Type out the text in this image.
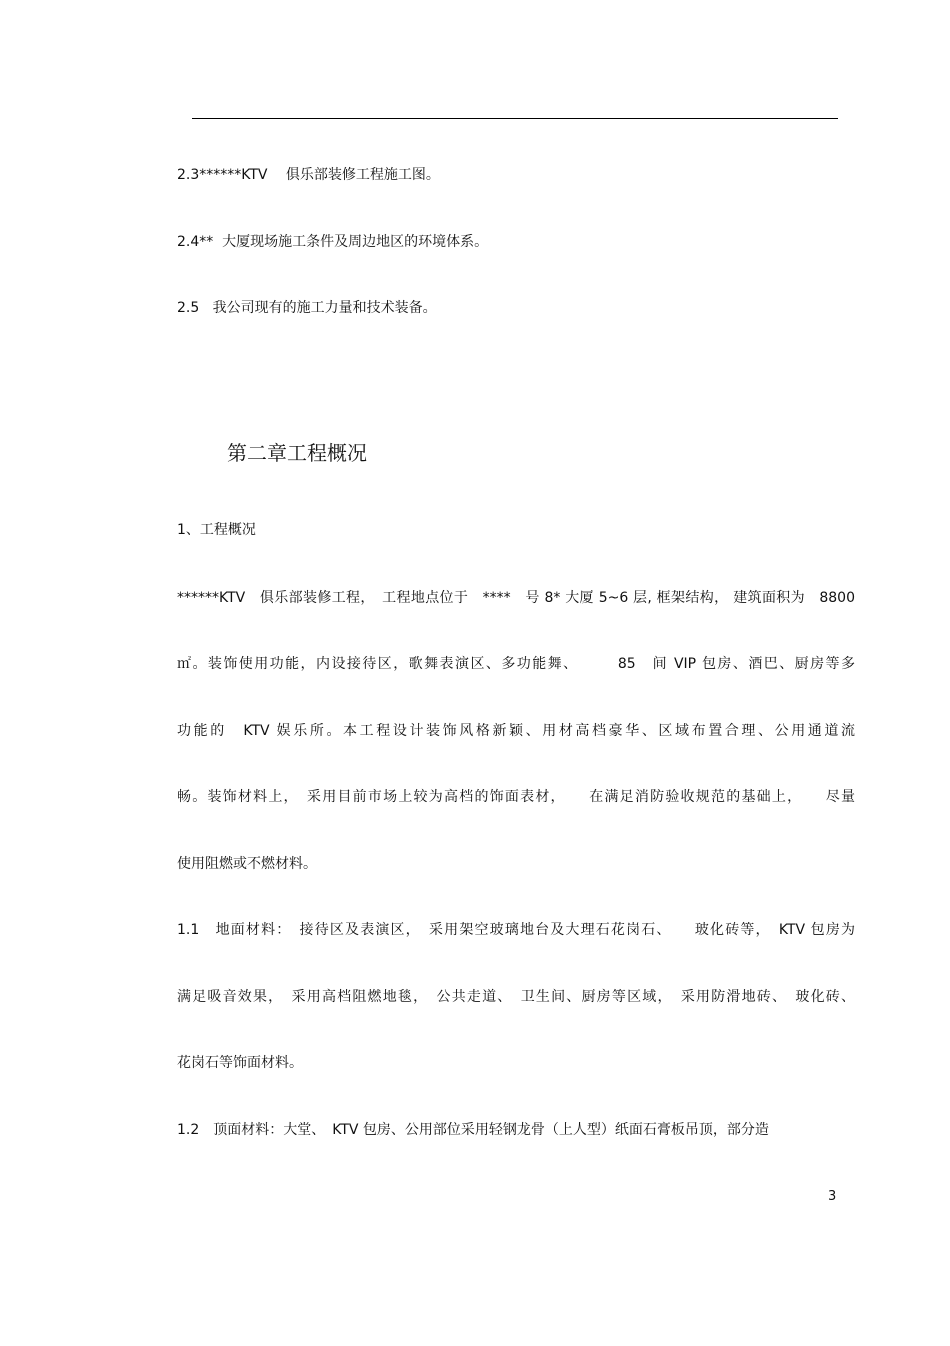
2.3******KTV　 俱乐部装修工程施工图。

2.4**  大厦现场施工条件及周边地区的环境体系。

2.5   我公司现有的施工力量和技术装备。

第二章工程概况

1、工程概况

******KTV　俱乐部装修工程，　工程地点位于　****　号 8* 大厦 5~6 层, 框架结构， 建筑面积为　8800

㎡。装饰使用功能，内设接待区，歌舞表演区、多功能舞、　　　85　间 VIP 包房、酒巴、厨房等多

功能的　KTV 娱乐所。本工程设计装饰风格新颖、用材高档豪华、区域布置合理、公用通道流

畅。装饰材料上，　采用目前市场上较为高档的饰面表材，　　在满足消防验收规范的基础上，　　尽量

使用阻燃或不燃材料。

1.1　地面材料：　接待区及表演区，　采用架空玻璃地台及大理石花岗石、　　玻化砖等，　KTV 包房为

满足吸音效果，　采用高档阻燃地毯，　公共走道、　卫生间、厨房等区域，　采用防滑地砖、　玻化砖、

花岗石等饰面材料。

1.2　顶面材料：大堂、　KTV 包房、公用部位采用轻钢龙骨（上人型）纸面石膏板吊顶，部分造

3
